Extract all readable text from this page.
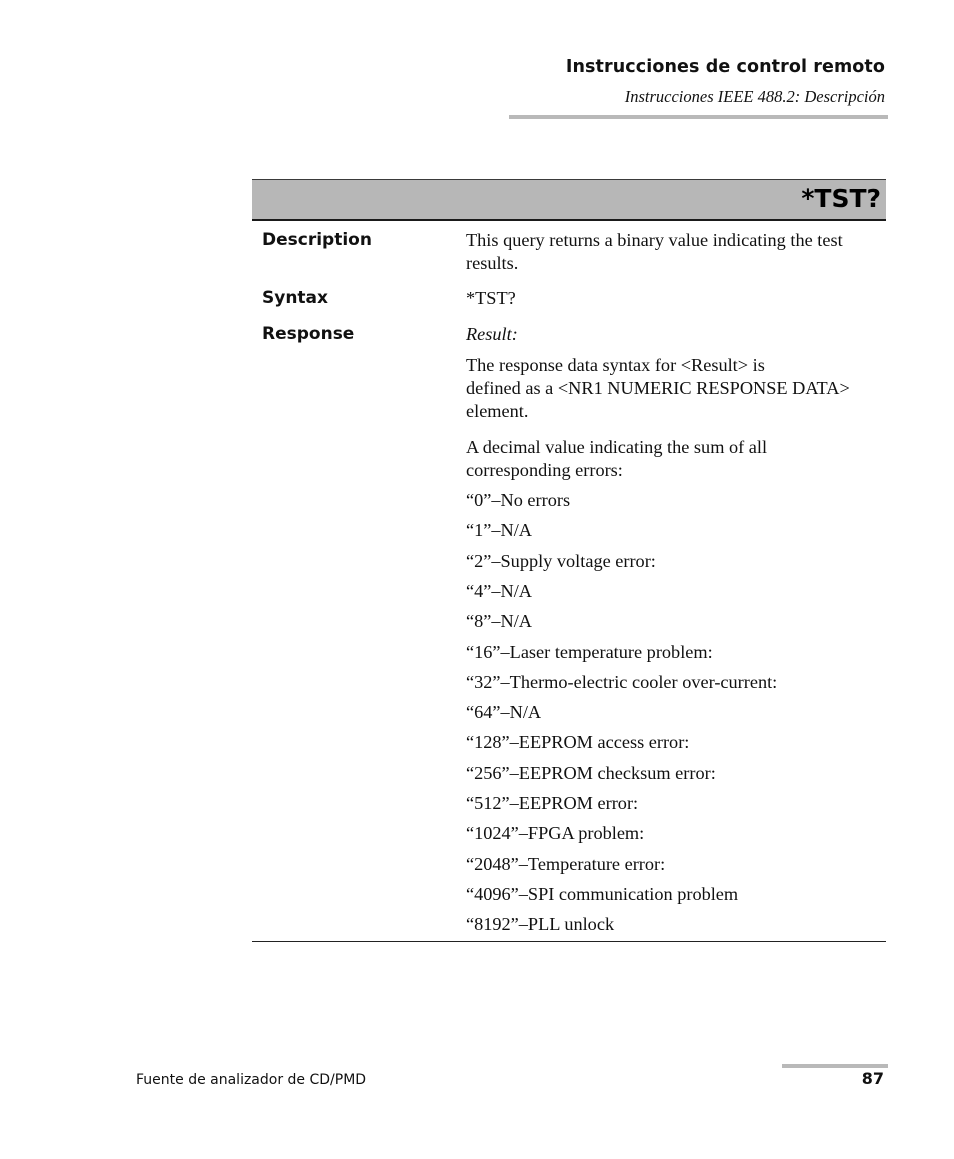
Instrucciones de control remoto
Instrucciones IEEE 488.2: Descripción
*TST?
Description	This query returns a binary value indicating the test results.
Syntax	*TST?
Response	Result:
The response data syntax for <Result> is
defined as a <NR1 NUMERIC RESPONSE DATA>
element.
A decimal value indicating the sum of all
corresponding errors:
“0”–No errors
“1”–N/A
“2”–Supply voltage error:
“4”–N/A
“8”–N/A
“16”–Laser temperature problem:
“32”–Thermo-electric cooler over-current:
“64”–N/A
“128”–EEPROM access error:
“256”–EEPROM checksum error:
“512”–EEPROM error:
“1024”–FPGA problem:
“2048”–Temperature error:
“4096”–SPI communication problem
“8192”–PLL unlock
Fuente de analizador de CD/PMD	87
